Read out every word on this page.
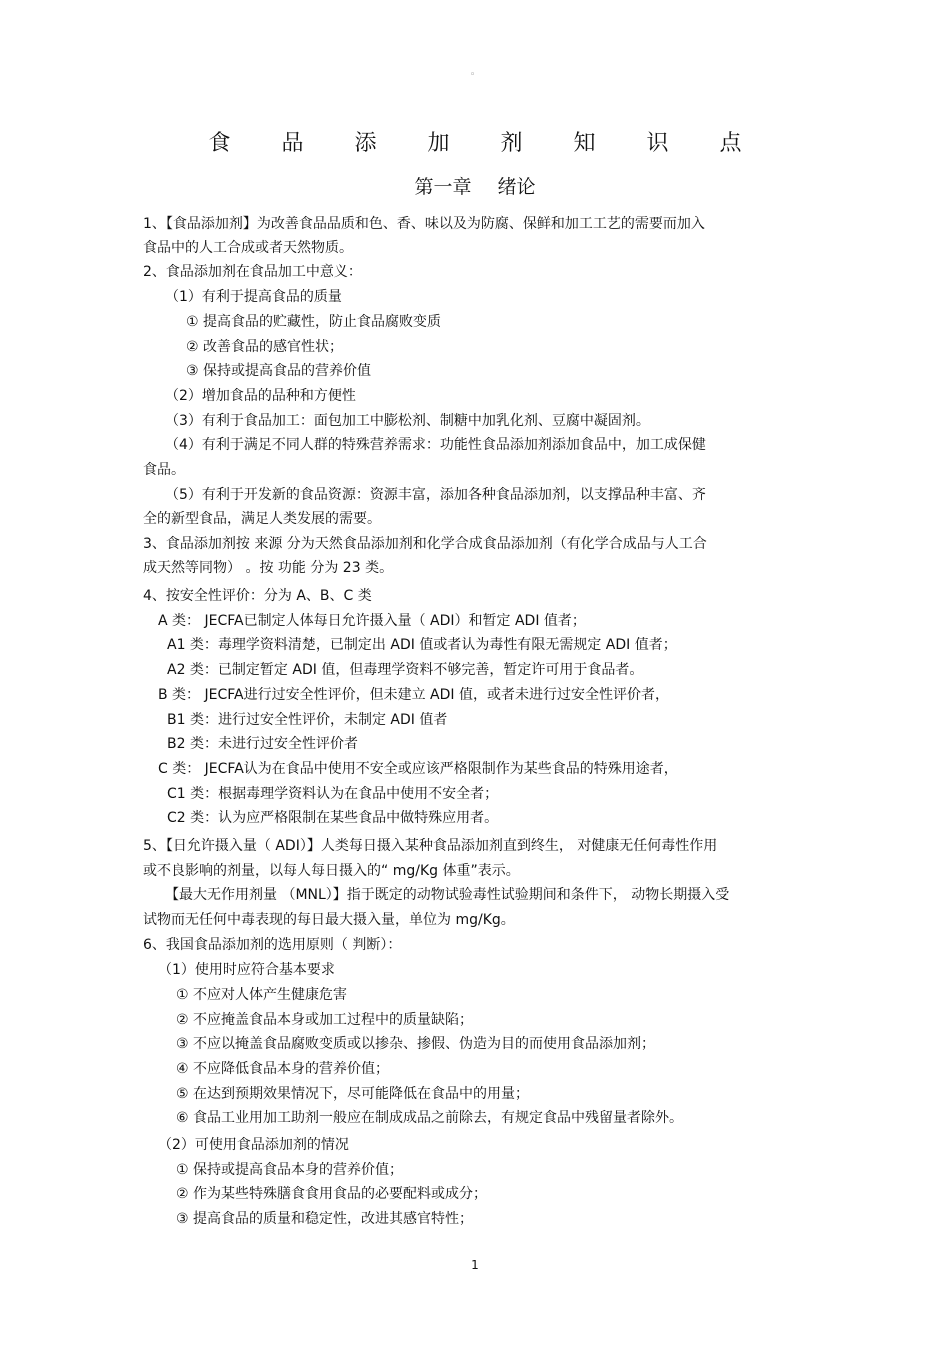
◦
食 品 添 加 剂 知 识 点
第一章 绪论
1、【食品添加剂】为改善食品品质和色、香、味以及为防腐、保鲜和加工工艺的需要而加入
食品中的人工合成或者天然物质。
2、食品添加剂在食品加工中意义：
（1）有利于提高食品的质量
① 提高食品的贮藏性，防止食品腐败变质
② 改善食品的感官性状；
③ 保持或提高食品的营养价值
（2）增加食品的品种和方便性
（3）有利于食品加工：面包加工中膨松剂、制糖中加乳化剂、豆腐中凝固剂。
（4）有利于满足不同人群的特殊营养需求：功能性食品添加剂添加食品中，加工成保健
食品。
（5）有利于开发新的食品资源：资源丰富，添加各种食品添加剂，以支撑品种丰富、齐
全的新型食品，满足人类发展的需要。
3、食品添加剂按 来源 分为天然食品添加剂和化学合成食品添加剂（有化学合成品与人工合
成天然等同物） 。按 功能 分为 23 类。
4、按安全性评价：分为 A、B、C 类
A 类： JECFA已制定人体每日允许摄入量（ ADI）和暂定 ADI 值者；
A1 类：毒理学资料清楚，已制定出 ADI 值或者认为毒性有限无需规定 ADI 值者；
A2 类：已制定暂定 ADI 值，但毒理学资料不够完善，暂定许可用于食品者。
B 类： JECFA进行过安全性评价，但未建立 ADI 值，或者未进行过安全性评价者，
B1 类：进行过安全性评价，未制定 ADI 值者
B2 类：未进行过安全性评价者
C 类： JECFA认为在食品中使用不安全或应该严格限制作为某些食品的特殊用途者，
C1 类：根据毒理学资料认为在食品中使用不安全者；
C2 类：认为应严格限制在某些食品中做特殊应用者。
5、【日允许摄入量（ ADI）】人类每日摄入某种食品添加剂直到终生， 对健康无任何毒性作用
或不良影响的剂量，以每人每日摄入的“ mg/Kg 体重”表示。
【最大无作用剂量 （MNL）】指于既定的动物试验毒性试验期间和条件下， 动物长期摄入受
试物而无任何中毒表现的每日最大摄入量，单位为 mg/Kg。
6、我国食品添加剂的选用原则（ 判断）：
（1）使用时应符合基本要求
① 不应对人体产生健康危害
② 不应掩盖食品本身或加工过程中的质量缺陷；
③ 不应以掩盖食品腐败变质或以掺杂、掺假、伪造为目的而使用食品添加剂；
④ 不应降低食品本身的营养价值；
⑤ 在达到预期效果情况下，尽可能降低在食品中的用量；
⑥ 食品工业用加工助剂一般应在制成成品之前除去，有规定食品中残留量者除外。
（2）可使用食品添加剂的情况
① 保持或提高食品本身的营养价值；
② 作为某些特殊膳食食用食品的必要配料或成分；
③ 提高食品的质量和稳定性，改进其感官特性；
1
